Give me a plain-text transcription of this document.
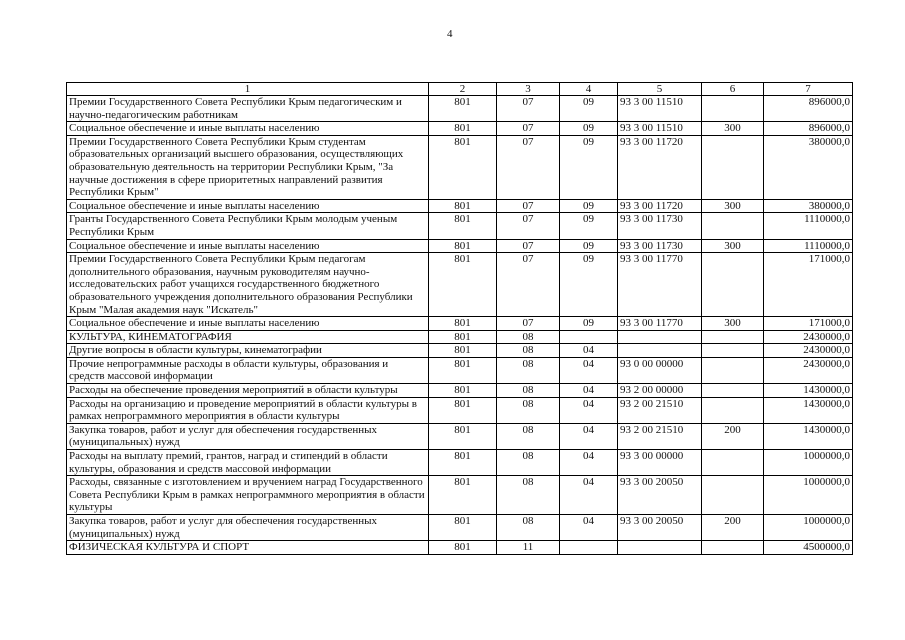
4
1	2	3	4	5	6	7
Премии Государственного Совета Республики Крым педагогическим и научно-педагогическим работникам	801	07	09	93 3 00 11510		896000,0
Социальное обеспечение и иные выплаты населению	801	07	09	93 3 00 11510	300	896000,0
Премии Государственного Совета Республики Крым студентам образовательных организаций высшего образования, осуществляющих образовательную деятельность на территории Республики Крым, "За научные достижения в сфере приоритетных направлений развития Республики Крым"	801	07	09	93 3 00 11720		380000,0
Социальное обеспечение и иные выплаты населению	801	07	09	93 3 00 11720	300	380000,0
Гранты Государственного Совета Республики Крым молодым ученым Республики Крым	801	07	09	93 3 00 11730		1110000,0
Социальное обеспечение и иные выплаты населению	801	07	09	93 3 00 11730	300	1110000,0
Премии Государственного Совета Республики Крым педагогам дополнительного образования, научным руководителям научно-исследовательских работ учащихся государственного бюджетного образовательного учреждения дополнительного образования Республики Крым "Малая академия наук "Искатель"	801	07	09	93 3 00 11770		171000,0
Социальное обеспечение и иные выплаты населению	801	07	09	93 3 00 11770	300	171000,0
КУЛЬТУРА, КИНЕМАТОГРАФИЯ	801	08				2430000,0
Другие вопросы в области культуры, кинематографии	801	08	04			2430000,0
Прочие непрограммные расходы в области культуры, образования и средств массовой информации	801	08	04	93 0 00 00000		2430000,0
Расходы на обеспечение проведения мероприятий в области культуры	801	08	04	93 2 00 00000		1430000,0
Расходы на организацию и проведение мероприятий в области культуры в рамках непрограммного мероприятия в области культуры	801	08	04	93 2 00 21510		1430000,0
Закупка товаров, работ и услуг для обеспечения государственных (муниципальных) нужд	801	08	04	93 2 00 21510	200	1430000,0
Расходы на выплату премий, грантов, наград и стипендий в области культуры, образования и средств массовой информации	801	08	04	93 3 00 00000		1000000,0
Расходы, связанные с изготовлением и вручением наград Государственного Совета Республики Крым в рамках непрограммного мероприятия в области культуры	801	08	04	93 3 00 20050		1000000,0
Закупка товаров, работ и услуг для обеспечения государственных (муниципальных) нужд	801	08	04	93 3 00 20050	200	1000000,0
ФИЗИЧЕСКАЯ КУЛЬТУРА И СПОРТ	801	11				4500000,0
